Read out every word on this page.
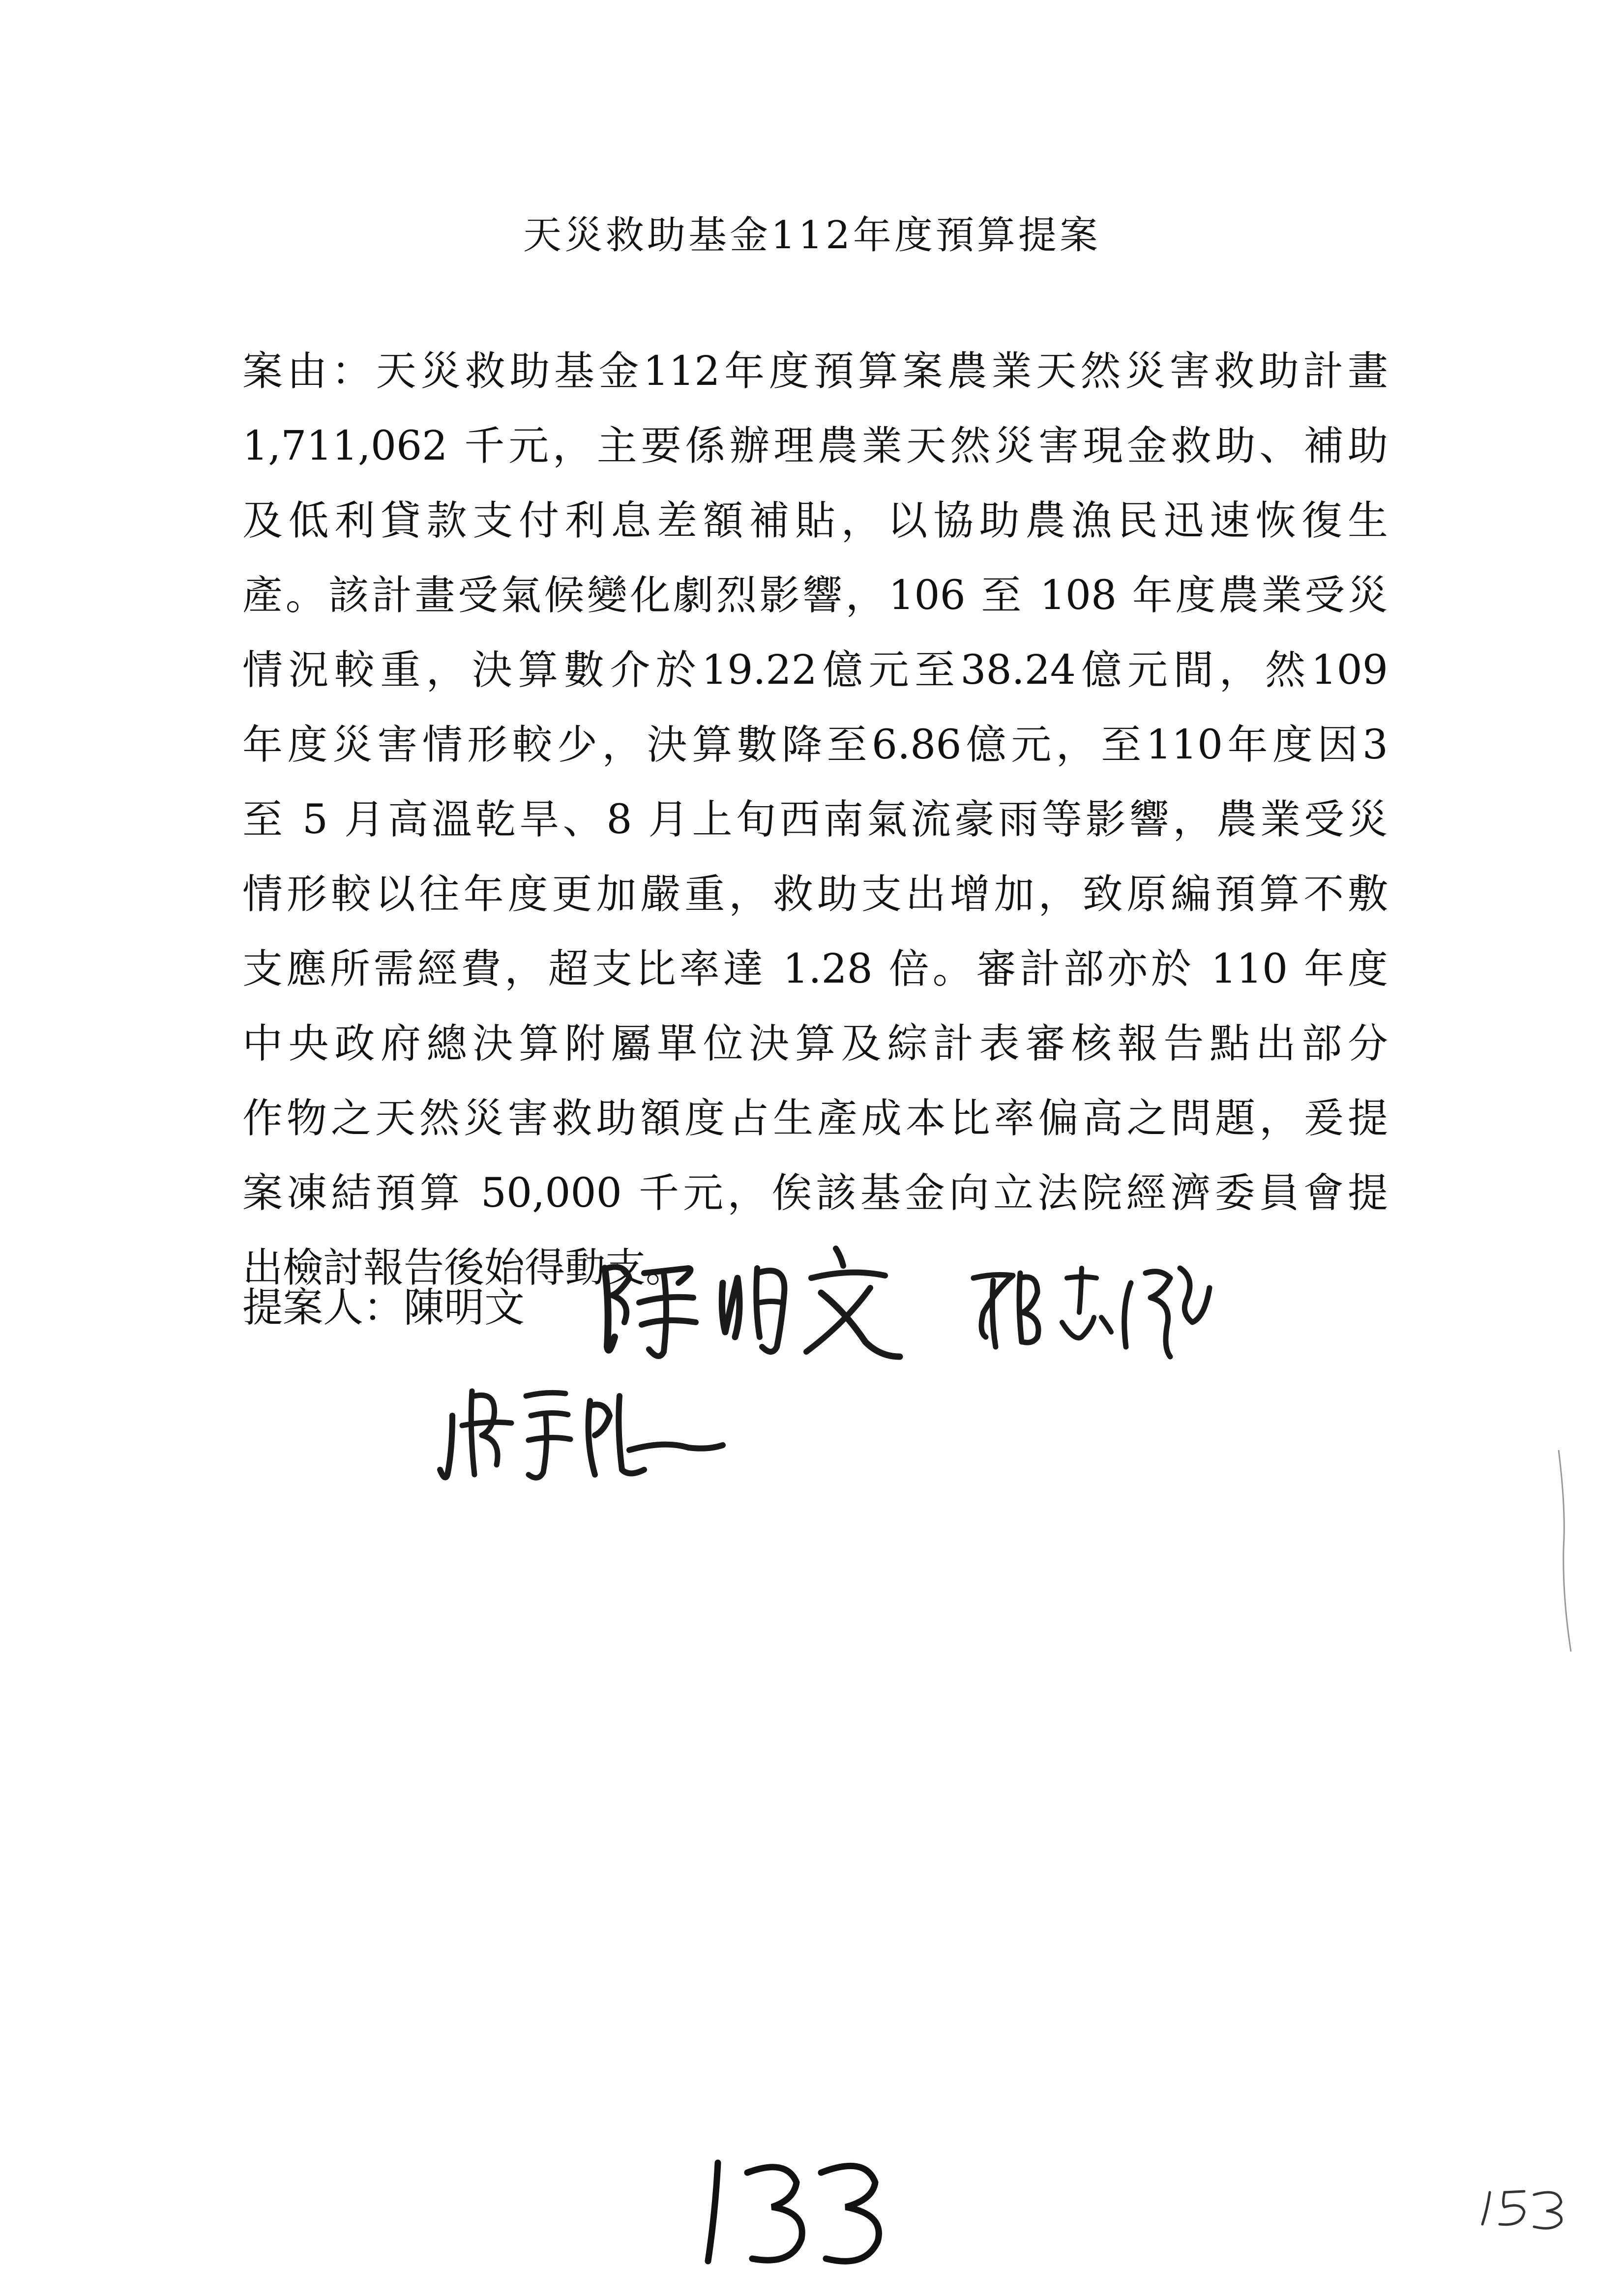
天災救助基金112年度預算提案
案由：天災救助基金112年度預算案農業天然災害救助計畫
1,711,062 千元，主要係辦理農業天然災害現金救助、補助
及低利貸款支付利息差額補貼，以協助農漁民迅速恢復生
產。該計畫受氣候變化劇烈影響，106 至 108 年度農業受災
情況較重，決算數介於19.22億元至38.24億元間，然109
年度災害情形較少，決算數降至6.86億元，至110年度因3
至 5 月高溫乾旱、8 月上旬西南氣流豪雨等影響，農業受災
情形較以往年度更加嚴重，救助支出增加，致原編預算不敷
支應所需經費，超支比率達 1.28 倍。審計部亦於 110 年度
中央政府總決算附屬單位決算及綜計表審核報告點出部分
作物之天然災害救助額度占生產成本比率偏高之問題，爰提
案凍結預算 50,000 千元，俟該基金向立法院經濟委員會提
出檢討報告後始得動支。
提案人：陳明文
